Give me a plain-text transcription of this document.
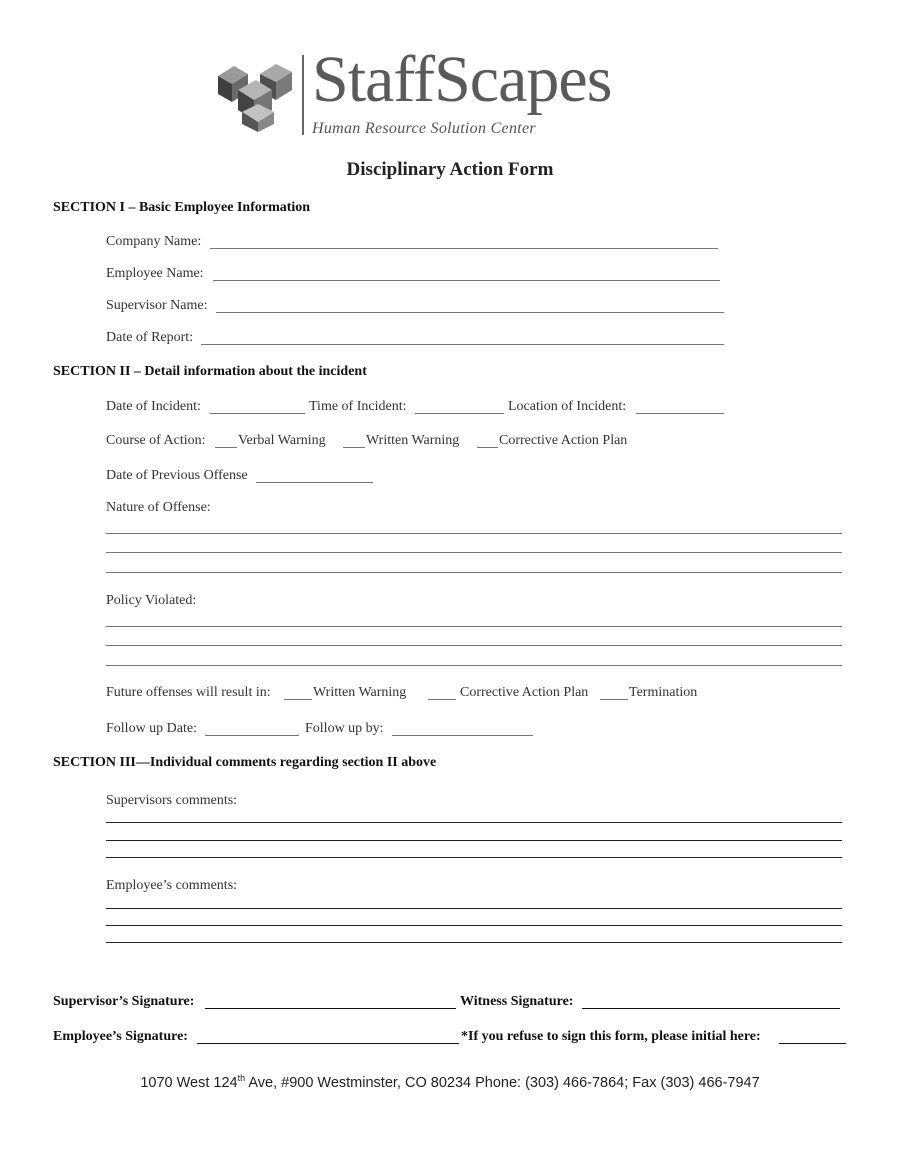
StaffScapes
Human Resource Solution Center
Disciplinary Action Form
SECTION I – Basic Employee Information
Company Name:
Employee Name:
Supervisor Name:
Date of Report:
SECTION II – Detail information about the incident
Date of Incident:	Time of Incident:	Location of Incident:
Course of Action: Verbal Warning	Written Warning	Corrective Action Plan
Date of Previous Offense
Nature of Offense:
Policy Violated:
Future offenses will result in:	Written Warning	Corrective Action Plan	Termination
Follow up Date:	Follow up by:
SECTION III—Individual comments regarding section II above
Supervisors comments:
Employee’s comments:
Supervisor’s Signature:	Witness Signature:
Employee’s Signature:	*If you refuse to sign this form, please initial here:
1070 West 124th Ave, #900 Westminster, CO 80234 Phone: (303) 466-7864; Fax (303) 466-7947
